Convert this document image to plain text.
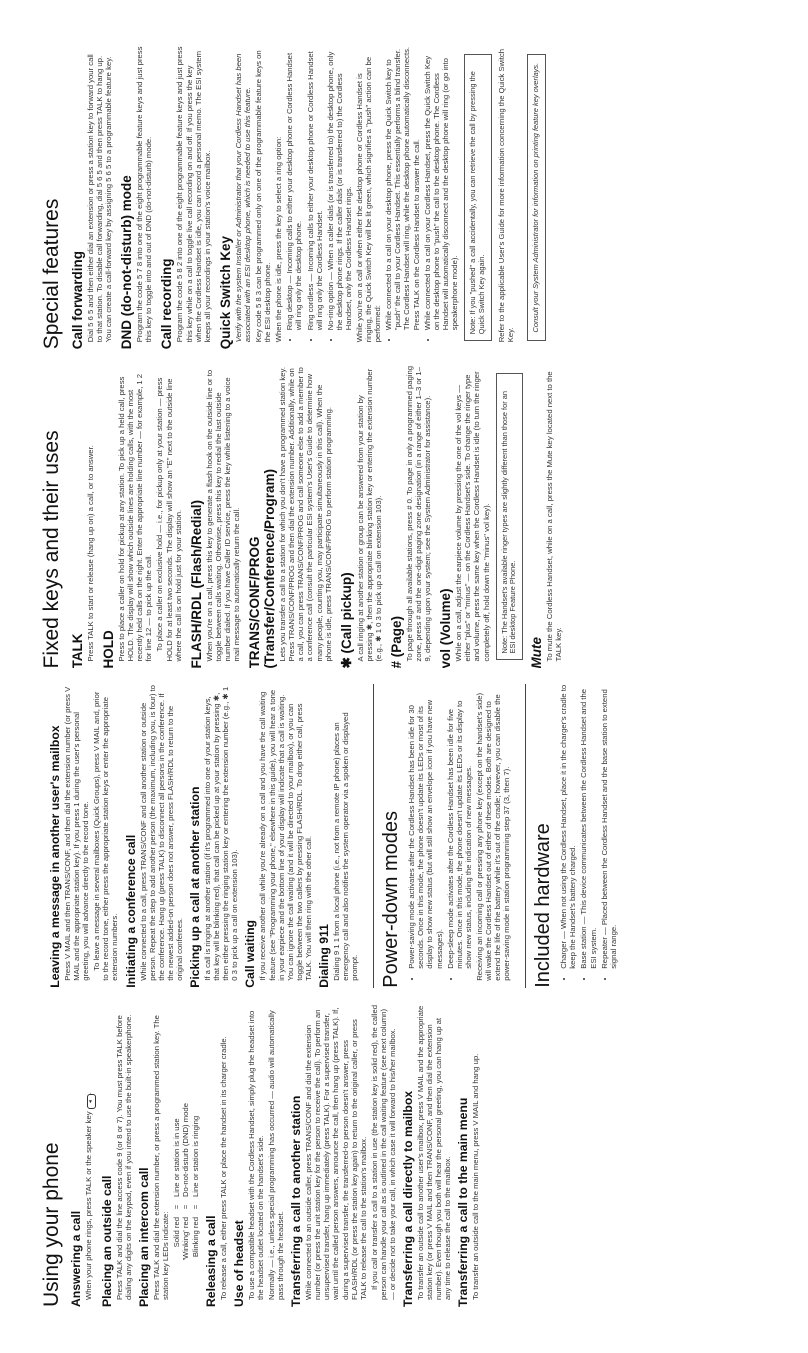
Using your phone Answering a call When your phone rings, press TALK or the speaker key ◂.
Placing an outside call Press TALK and dial the line access code 9 (or 8 or 7). You must press TALK before dialing any digits on the keypad, even if you intend to use the built-in speakerphone. Placing an intercom call Press TALK and dial the extension number, or press a programmed station key. The station key LEDs indicate: Solid red
=
Line or station is in use
'Winking' red
=
Do-not-disturb (DND) mode
Blinking red
=
Line or station is ringing
Releasing a call To release a call, either press TALK or place the handset in its charger cradle. Use of headset To use a compatible headset with the Cordless Handset, simply plug the headset into the headset outlet located on the handset's side. Normally — i.e., unless special programming has occurred — audio will automatically pass through the headset. Transferring a call to another station While connected to an outside caller, press TRANS/CONF and dial the extension number (or press the unit station key for the person to receive the call). To perform an unsupervised transfer, hang up immediately (press TALK). For a supervised transfer, wait until the called person answers, announce the call, then hang up (press TALK). If, during a supervised transfer, the transferred-to person doesn't answer, press FLASH/RDL (or press the station key again) to return to the original caller, or press TALK to release the call to the station's mailbox. If you call or transfer a call to a station in use (the station key is solid red), the called person can handle your call as is outlined in the call waiting feature (see next column) — or decide not to take your call, in which case it will forward to his/her mailbox. Transferring a call directly to mailbox To transfer an outside call to another user's mailbox, press V MAIL and the appropriate station key (or press V MAIL and then TRANS/CONF, and then dial the extension number). Even though you both will hear the personal greeting, you can hang up at any time to release the call to the mailbox. Transferring a call to the main menu To transfer an outside call to the main menu, press V MAIL and hang up.
Leaving a message in another user's mailbox Press V MAIL and then TRANS/CONF, and then dial the extension number (or press V MAIL and the appropriate station key). If you press 1 during the user's personal greeting, you will advance directly to the record tone. To leave a message in several mailboxes (Quick Groups), press V MAIL and, prior to the record tone, either press the appropriate station keys or enter the appropriate extension numbers. Initiating a conference call While connected to a call, press TRANS/CONF and call another station or outside person. Repeat the step to add another person (the maximum, including you, is four) to the conference. Hang up (press TALK) to disconnect all persons in the conference. If the newest added-on person does not answer, press FLASH/RDL to return to the original conferees. Picking up a call at another station If a call is ringing at another station (if it's programmed into one of your station keys, that key will be blinking red), that call can be picked up at your station by pressing ✱, then either pressing the ringing station key or entering the extension number (e.g., ✱ 1 0 3 to pick up a call on extension 103). Call waiting If you receive another call while you're already on a call and you have the call waiting feature (see "Programming your phone," elsewhere in this guide), you will hear a tone in your earpiece and the bottom line of your display will indicate that a call is waiting. You can ignore the call waiting (and it will be directed to your mailbox), or you can toggle between the two callers by pressing FLASH/RDL. To drop either call, press TALK. You will then ring with the other call. Dialing 911 Dialing 9 1 1 from a local phone (i.e., not from a remote IP phone) places an emergency call and also notifies the system operator via a spoken or displayed prompt.	Power-down modes • Power-saving mode activates after the Cordless Handset has been idle for 30 seconds. Once in this mode, the phone doesn't update its LEDs or most of its display to show new status (but will still show an envelope icon if you have new messages). • Deep-sleep mode activates after the Cordless Handset has been idle for five minutes. Once in this mode, the phone doesn't update its LEDs or its display to show new status, including the indication of new messages. Receiving an incoming call or pressing any phone key (except on the handset's side) will wake the Cordless Handset out of either of these modes. Both are designed to extend the life of the battery while it's out of the cradle; however, you can disable the power-saving mode in station programming step 37 (3, then 7).	Included hardware • Charger — When not using the Cordless Handset, place it in the charger's cradle to keep the Handset's battery charged. • Base station — This device communicates between the Cordless Handset and the ESI system. • Repeater — Placed between the Cordless Handset and the base station to extend signal range.
Fixed keys and their uses TALK Press TALK to start or release (hang up on) a call, or to answer. HOLD Press to place a caller on hold for pickup at any station. To pick up a held call, press HOLD. The display will show which outside lines are holding calls, with the most recently held calls on the right. Enter the appropriate line number — for example, 1 2 for line 12 — to pick up the call. To place a caller on exclusive hold — i.e., for pickup only at your station — press HOLD for at least two seconds. The display will show an "E" next to the outside line where the call is on hold just for your station. FLASH/RDL (Flash/Redial) When you're on a call, press this key to generate a flash hook on the outside line or to toggle between calls waiting. Otherwise, press this key to redial the last outside number dialed. If you have Caller ID service, press the key while listening to a voice mail message to automatically return the call. TRANS/CONF/PROG (Transfer/Conference/Program) Lets you transfer a call to a station for which you don't have a programmed station key. Press TRANS/CONF/PROG and then dial the extension number. Additionally, while on a call, you can press TRANS/CONF/PROG and call someone else to add a member to a conference call (consult the particular ESI system's User's Guide to determine how many people, counting you, may participate simultaneously in this call). When the phone is idle, press TRANS/CONF/PROG to perform station programming. ✱ (Call pickup) A call ringing at another station or group can be answered from your station by pressing ✱, then the appropriate blinking station key or entering the extension number (e.g., ✱ 1 0 3 to pick up a call on extension 103). # (Page) To page through all available stations, press # 0. To page in only a programmed paging zone, press # and the one-digit paging zone designation (in a range of either 1–3 or 1–9, depending upon your system; see the System Administrator for assistance). vol (Volume) While on a call, adjust the earpiece volume by pressing the one of the vol keys — either "plus" or "minus" — on the Cordless Handset's side. To change the ringer type and volume, press the same key when the Cordless Handset is idle (to turn the ringer completely off, hold down the "minus" vol key).	Note: The Handset's available ringer types are slightly different than those for an ESI desktop Feature Phone. Mute To mute the Cordless Handset, while on a call, press the Mute key located next to the TALK key.
Special features Call forwarding Dial 5 6 5 and then either dial an extension or press a station key to forward your call to that station. To disable call forwarding, dial 5 6 5 and then press TALK to hang up. You can create a call-forward key by assigning 5 6 5 to a programmable feature key. DND (do-not-disturb) mode Program the code 5 7 8 into one of the eight programmable feature keys and just press this key to toggle into and out of DND (do-not-disturb) mode. Call recording Program the code 5 8 2 into one of the eight programmable feature keys and just press this key while on a call to toggle live call recording on and off. If you press the key when the Cordless Handset is idle, you can record a personal memo. The ESI system keeps all your recordings in your station's voice mailbox. Quick Switch Key Verify with the system Installer or Administrator that your Cordless Handset has been associated with an ESI desktop phone, which is needed to use this feature. Key code 5 8 3 can be programmed only on one of the programmable feature keys on the ESI desktop phone. When the phone is idle, press the key to select a ring option: • Ring desktop — Incoming calls to either your desktop phone or Cordless Handset will ring only the desktop phone. • Ring cordless — Incoming calls to either your desktop phone or Cordless Handset will ring only the Cordless Handset. • No-ring option — When a caller dials (or is transferred to) the desktop phone, only the desktop phone rings. If the caller dials (or is transferred to) the Cordless Handset, only the Cordless Handset rings. While you're on a call or when either the desktop phone or Cordless Handset is ringing, the Quick Switch Key will be lit green, which signifies a "push" action can be performed: • While connected to a call on your desktop phone, press the Quick Switch key to "push" the call to your Cordless Handset. This essentially performs a blind transfer. The Cordless Handset will ring, while the desktop phone automatically disconnects. Press TALK on the Cordless Handset to answer the call. • While connected to a call on your Cordless Handset, press the Quick Switch Key on the desktop phone to "push" the call to the desktop phone. The Cordless Handset will automatically disconnect and the desktop phone will ring (or go into speakerphone mode).	Note: If you "pushed" a call accidentally, you can retrieve the call by pressing the Quick Switch Key again.	Refer to the applicable User's Guide for more information concerning the Quick Switch Key.
Consult your System Administrator for information on printing feature key overlays.
